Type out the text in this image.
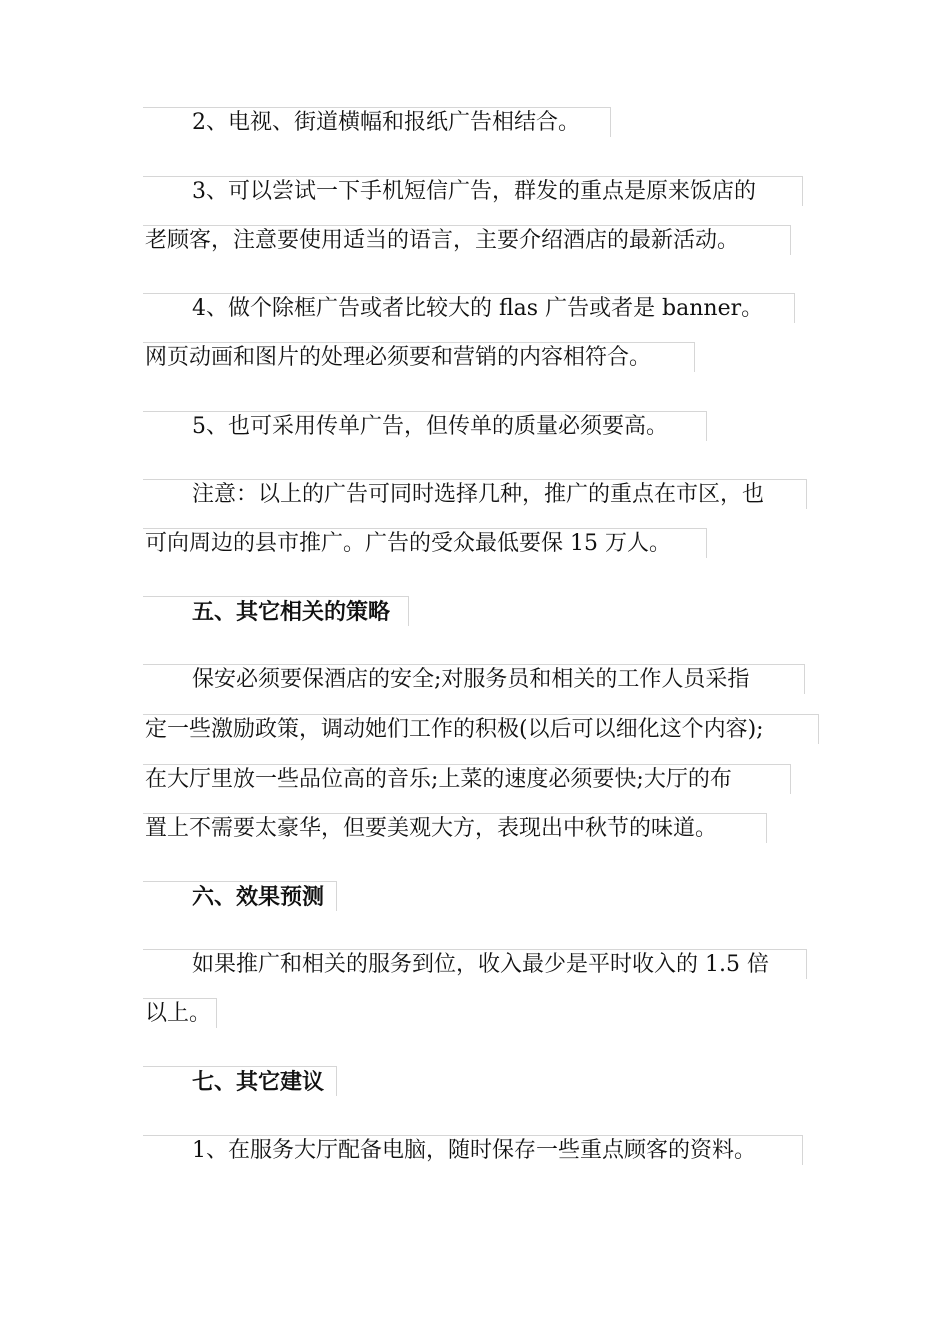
2、电视、街道横幅和报纸广告相结合。
3、可以尝试一下手机短信广告，群发的重点是原来饭店的
老顾客，注意要使用适当的语言，主要介绍酒店的最新活动。
4、做个除框广告或者比较大的 flas 广告或者是 banner。
网页动画和图片的处理必须要和营销的内容相符合。
5、也可采用传单广告，但传单的质量必须要高。
注意：以上的广告可同时选择几种，推广的重点在市区，也
可向周边的县市推广。广告的受众最低要保 15 万人。
五、其它相关的策略
保安必须要保酒店的安全;对服务员和相关的工作人员采指
定一些激励政策，调动她们工作的积极(以后可以细化这个内容);
在大厅里放一些品位高的音乐;上菜的速度必须要快;大厅的布
置上不需要太豪华，但要美观大方，表现出中秋节的味道。
六、效果预测
如果推广和相关的服务到位，收入最少是平时收入的 1.5 倍
以上。
七、其它建议
1、在服务大厅配备电脑，随时保存一些重点顾客的资料。
